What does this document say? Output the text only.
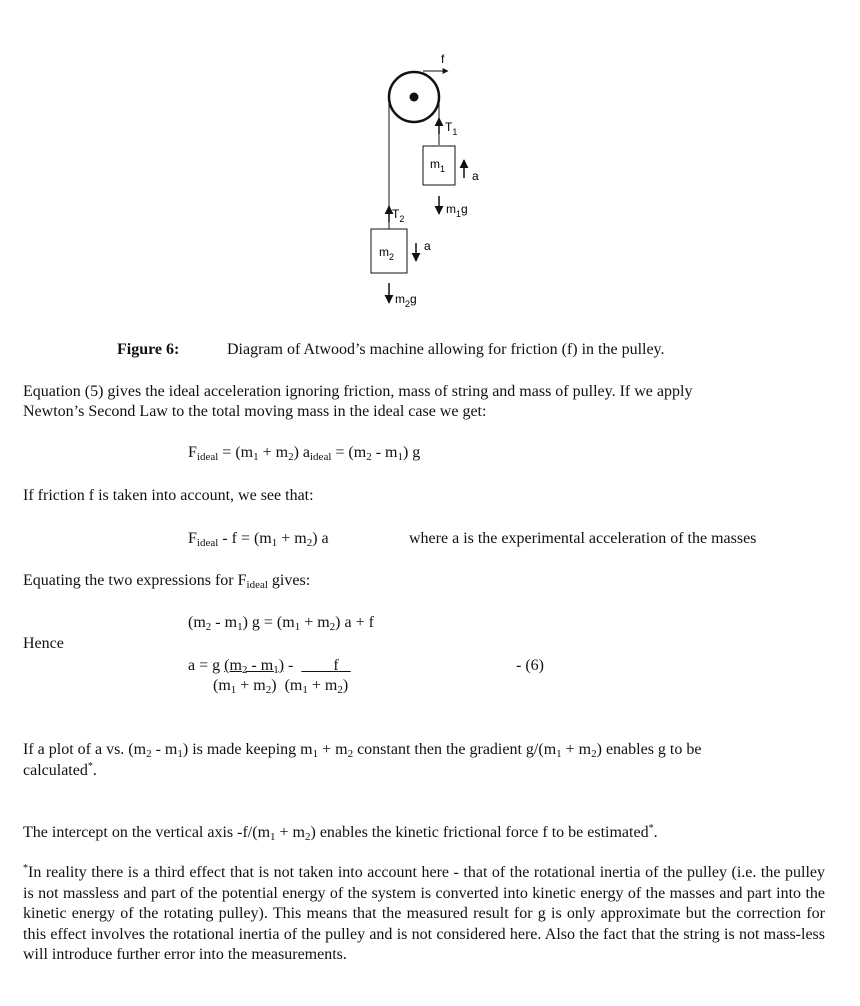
f
$T_1$
$m_1$ a
$m_1g$
$T_2$
$m_2$
a
$m_2g$
Figure 6:	Diagram of Atwood’s machine allowing for friction (f) in the pulley.
Equation (5) gives the ideal acceleration ignoring friction, mass of string and mass of pulley. If we apply
Newton’s Second Law to the total moving mass in the ideal case we get:
$F_{ideal} = (m_1 + m_2) a_{ideal} = (m_2 - m_1)$ g
If friction f is taken into account, we see that:
$F_{ideal} - f = (m_1 + m_2)$ a	where a is the experimental acceleration of the masses
Equating the two expressions for $F_{ideal}$ gives:
$(m_2 - m_1) g = (m_1 + m_2) a + f$
Hence
a = g $(m_2 - m_1)$ -	f
$(m_1 + m_2) (m_1 + m_2)$
- (6)
If a plot of a vs. $(m_2 - m_1)$ is made keeping $m_1 + m_2$ constant then the gradient $g/(m_1 + m_2)$ enables g to be
calculated*.
The intercept on the vertical axis $-f/(m_1 + m_2)$ enables the kinetic frictional force f to be estimated*.
*In reality there is a third effect that is not taken into account here - that of the rotational inertia of the pulley (i.e. the pulley is not massless and part of the potential energy of the system is converted into kinetic energy of the masses and part into the kinetic energy of the rotating pulley). This means that the measured result for g is only approximate but the correction for this effect involves the rotational inertia of the pulley and is not considered here. Also the fact that the string is not mass-less will introduce further error into the measurements.
